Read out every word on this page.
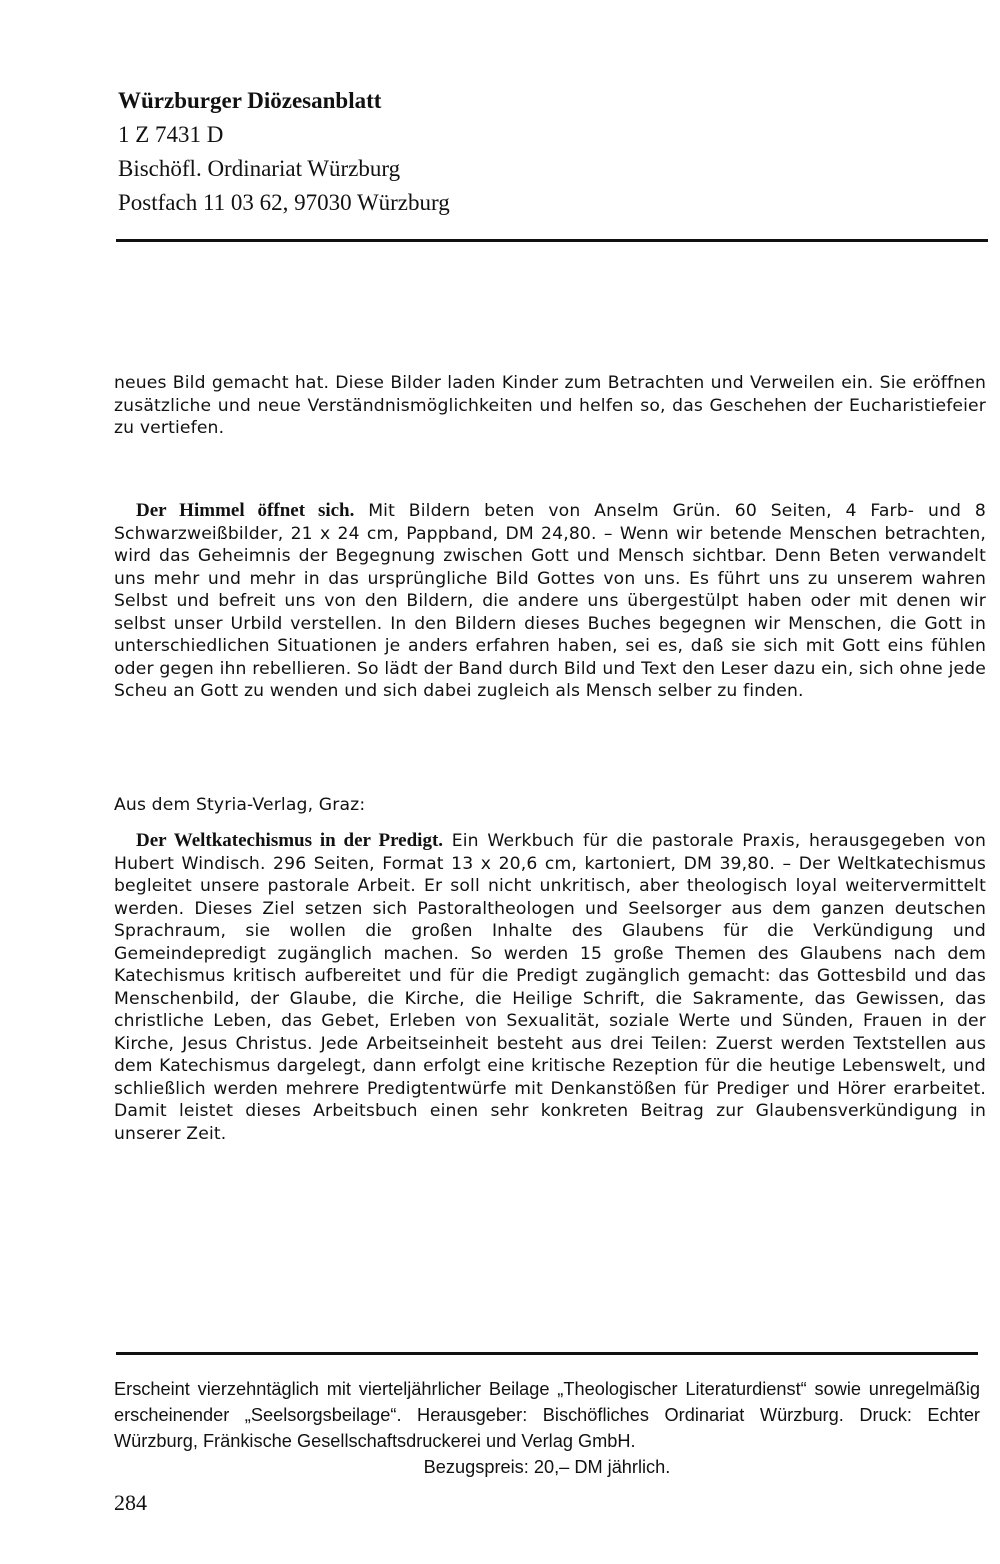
Würzburger Diözesanblatt
1 Z 7431 D
Bischöfl. Ordinariat Würzburg
Postfach 11 03 62, 97030 Würzburg
neues Bild gemacht hat. Diese Bilder laden Kinder zum Betrachten und Verweilen ein. Sie eröffnen zusätzliche und neue Verständnismöglichkeiten und helfen so, das Geschehen der Eucharistiefeier zu vertiefen.
Der Himmel öffnet sich. Mit Bildern beten von Anselm Grün. 60 Seiten, 4 Farb- und 8 Schwarzweißbilder, 21 x 24 cm, Pappband, DM 24,80. – Wenn wir betende Menschen betrachten, wird das Geheimnis der Begegnung zwischen Gott und Mensch sichtbar. Denn Beten verwandelt uns mehr und mehr in das ursprüngliche Bild Gottes von uns. Es führt uns zu unserem wahren Selbst und befreit uns von den Bildern, die andere uns übergestülpt haben oder mit denen wir selbst unser Urbild verstellen. In den Bildern dieses Buches begegnen wir Menschen, die Gott in unterschiedlichen Situationen je anders erfahren haben, sei es, daß sie sich mit Gott eins fühlen oder gegen ihn rebellieren. So lädt der Band durch Bild und Text den Leser dazu ein, sich ohne jede Scheu an Gott zu wenden und sich dabei zugleich als Mensch selber zu finden.
Aus dem Styria-Verlag, Graz:
Der Weltkatechismus in der Predigt. Ein Werkbuch für die pastorale Praxis, herausgegeben von Hubert Windisch. 296 Seiten, Format 13 x 20,6 cm, kartoniert, DM 39,80. – Der Weltkatechismus begleitet unsere pastorale Arbeit. Er soll nicht unkritisch, aber theologisch loyal weitervermittelt werden. Dieses Ziel setzen sich Pastoraltheologen und Seelsorger aus dem ganzen deutschen Sprachraum, sie wollen die großen Inhalte des Glaubens für die Verkündigung und Gemeindepredigt zugänglich machen. So werden 15 große Themen des Glaubens nach dem Katechismus kritisch aufbereitet und für die Predigt zugänglich gemacht: das Gottesbild und das Menschenbild, der Glaube, die Kirche, die Heilige Schrift, die Sakramente, das Gewissen, das christliche Leben, das Gebet, Erleben von Sexualität, soziale Werte und Sünden, Frauen in der Kirche, Jesus Christus. Jede Arbeitseinheit besteht aus drei Teilen: Zuerst werden Textstellen aus dem Katechismus dargelegt, dann erfolgt eine kritische Rezeption für die heutige Lebenswelt, und schließlich werden mehrere Predigtentwürfe mit Denkanstößen für Prediger und Hörer erarbeitet. Damit leistet dieses Arbeitsbuch einen sehr konkreten Beitrag zur Glaubensverkündigung in unserer Zeit.
Erscheint vierzehntäglich mit vierteljährlicher Beilage „Theologischer Literaturdienst“ sowie unregelmäßig erscheinender „Seelsorgsbeilage“. Herausgeber: Bischöfliches Ordinariat Würzburg. Druck: Echter Würzburg, Fränkische Gesellschaftsdruckerei und Verlag GmbH.
Bezugspreis: 20,– DM jährlich.
284
